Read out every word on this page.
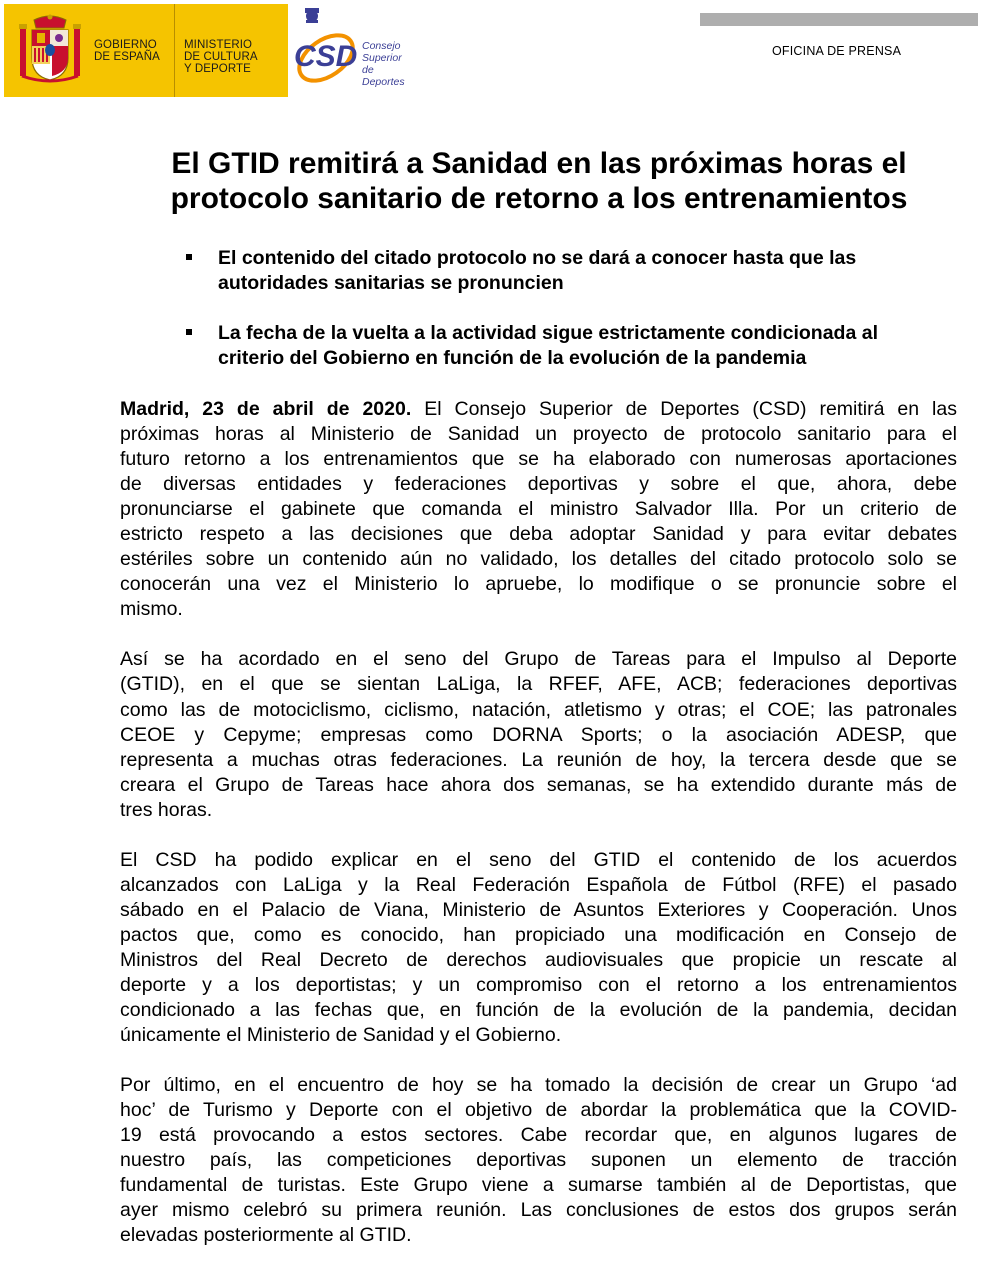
GOBIERNO
DE ESPAÑA
MINISTERIO
DE CULTURA
Y DEPORTE CSD Consejo
Superior de
Deportes
OFICINA DE PRENSA
El GTID remitirá a Sanidad en las próximas horas el
protocolo sanitario de retorno a los entrenamientos
El contenido del citado protocolo no se dará a conocer hasta que las
autoridades sanitarias se pronuncien
La fecha de la vuelta a la actividad sigue estrictamente condicionada al
criterio del Gobierno en función de la evolución de la pandemia
Madrid, 23 de abril de 2020. El Consejo Superior de Deportes (CSD) remitirá en las
próximas horas al Ministerio de Sanidad un proyecto de protocolo sanitario para el
futuro retorno a los entrenamientos que se ha elaborado con numerosas aportaciones
de diversas entidades y federaciones deportivas y sobre el que, ahora, debe
pronunciarse el gabinete que comanda el ministro Salvador Illa. Por un criterio de
estricto respeto a las decisiones que deba adoptar Sanidad y para evitar debates
estériles sobre un contenido aún no validado, los detalles del citado protocolo solo se
conocerán una vez el Ministerio lo apruebe, lo modifique o se pronuncie sobre el
mismo.
Así se ha acordado en el seno del Grupo de Tareas para el Impulso al Deporte
(GTID), en el que se sientan LaLiga, la RFEF, AFE, ACB; federaciones deportivas
como las de motociclismo, ciclismo, natación, atletismo y otras; el COE; las patronales
CEOE y Cepyme; empresas como DORNA Sports; o la asociación ADESP, que
representa a muchas otras federaciones. La reunión de hoy, la tercera desde que se
creara el Grupo de Tareas hace ahora dos semanas, se ha extendido durante más de
tres horas.
El CSD ha podido explicar en el seno del GTID el contenido de los acuerdos
alcanzados con LaLiga y la Real Federación Española de Fútbol (RFE) el pasado
sábado en el Palacio de Viana, Ministerio de Asuntos Exteriores y Cooperación. Unos
pactos que, como es conocido, han propiciado una modificación en Consejo de
Ministros del Real Decreto de derechos audiovisuales que propicie un rescate al
deporte y a los deportistas; y un compromiso con el retorno a los entrenamientos
condicionado a las fechas que, en función de la evolución de la pandemia, decidan
únicamente el Ministerio de Sanidad y el Gobierno.
Por último, en el encuentro de hoy se ha tomado la decisión de crear un Grupo ‘ad
hoc’ de Turismo y Deporte con el objetivo de abordar la problemática que la COVID-
19 está provocando a estos sectores. Cabe recordar que, en algunos lugares de
nuestro país, las competiciones deportivas suponen un elemento de tracción
fundamental de turistas. Este Grupo viene a sumarse también al de Deportistas, que
ayer mismo celebró su primera reunión. Las conclusiones de estos dos grupos serán
elevadas posteriormente al GTID.
